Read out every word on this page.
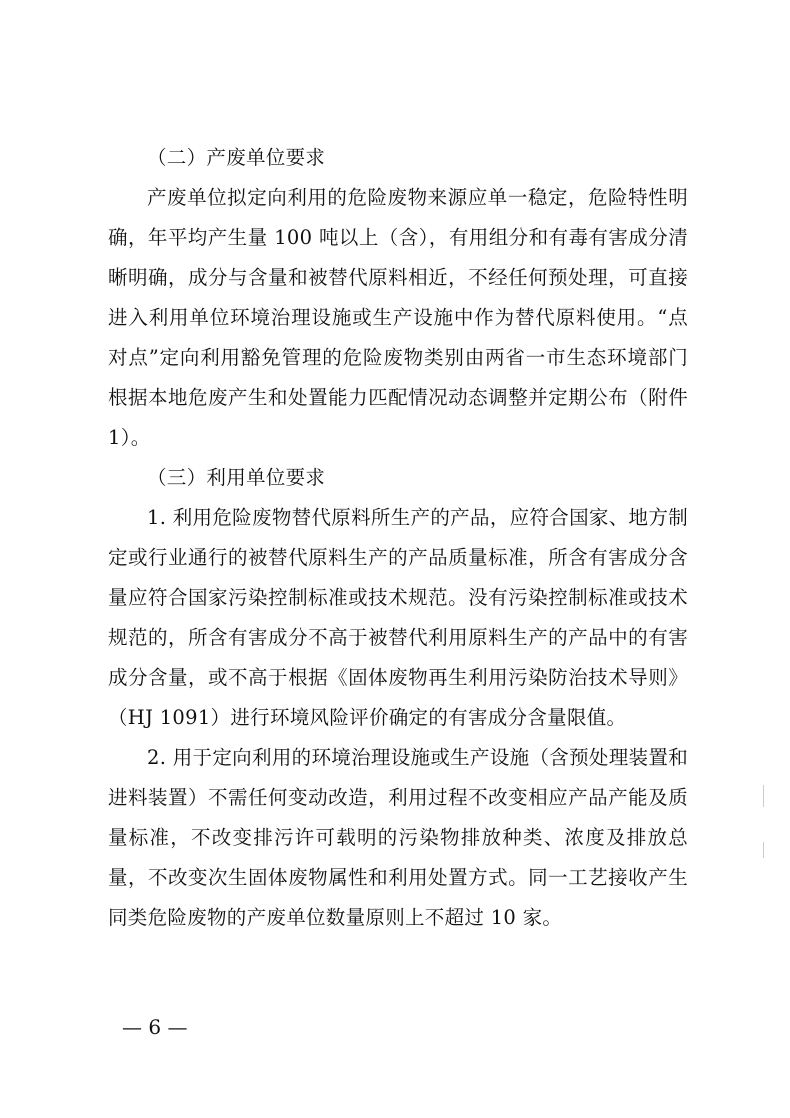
（二）产废单位要求

产废单位拟定向利用的危险废物来源应单一稳定，危险特性明确，年平均产生量 100 吨以上（含），有用组分和有毒有害成分清晰明确，成分与含量和被替代原料相近，不经任何预处理，可直接进入利用单位环境治理设施或生产设施中作为替代原料使用。“点对点”定向利用豁免管理的危险废物类别由两省一市生态环境部门根据本地危废产生和处置能力匹配情况动态调整并定期公布（附件 1）。

（三）利用单位要求

1. 利用危险废物替代原料所生产的产品，应符合国家、地方制定或行业通行的被替代原料生产的产品质量标准，所含有害成分含量应符合国家污染控制标准或技术规范。没有污染控制标准或技术规范的，所含有害成分不高于被替代利用原料生产的产品中的有害成分含量，或不高于根据《固体废物再生利用污染防治技术导则》（HJ 1091）进行环境风险评价确定的有害成分含量限值。

2. 用于定向利用的环境治理设施或生产设施（含预处理装置和进料装置）不需任何变动改造，利用过程不改变相应产品产能及质量标准，不改变排污许可载明的污染物排放种类、浓度及排放总量，不改变次生固体废物属性和利用处置方式。同一工艺接收产生同类危险废物的产废单位数量原则上不超过 10 家。

— 6 —
